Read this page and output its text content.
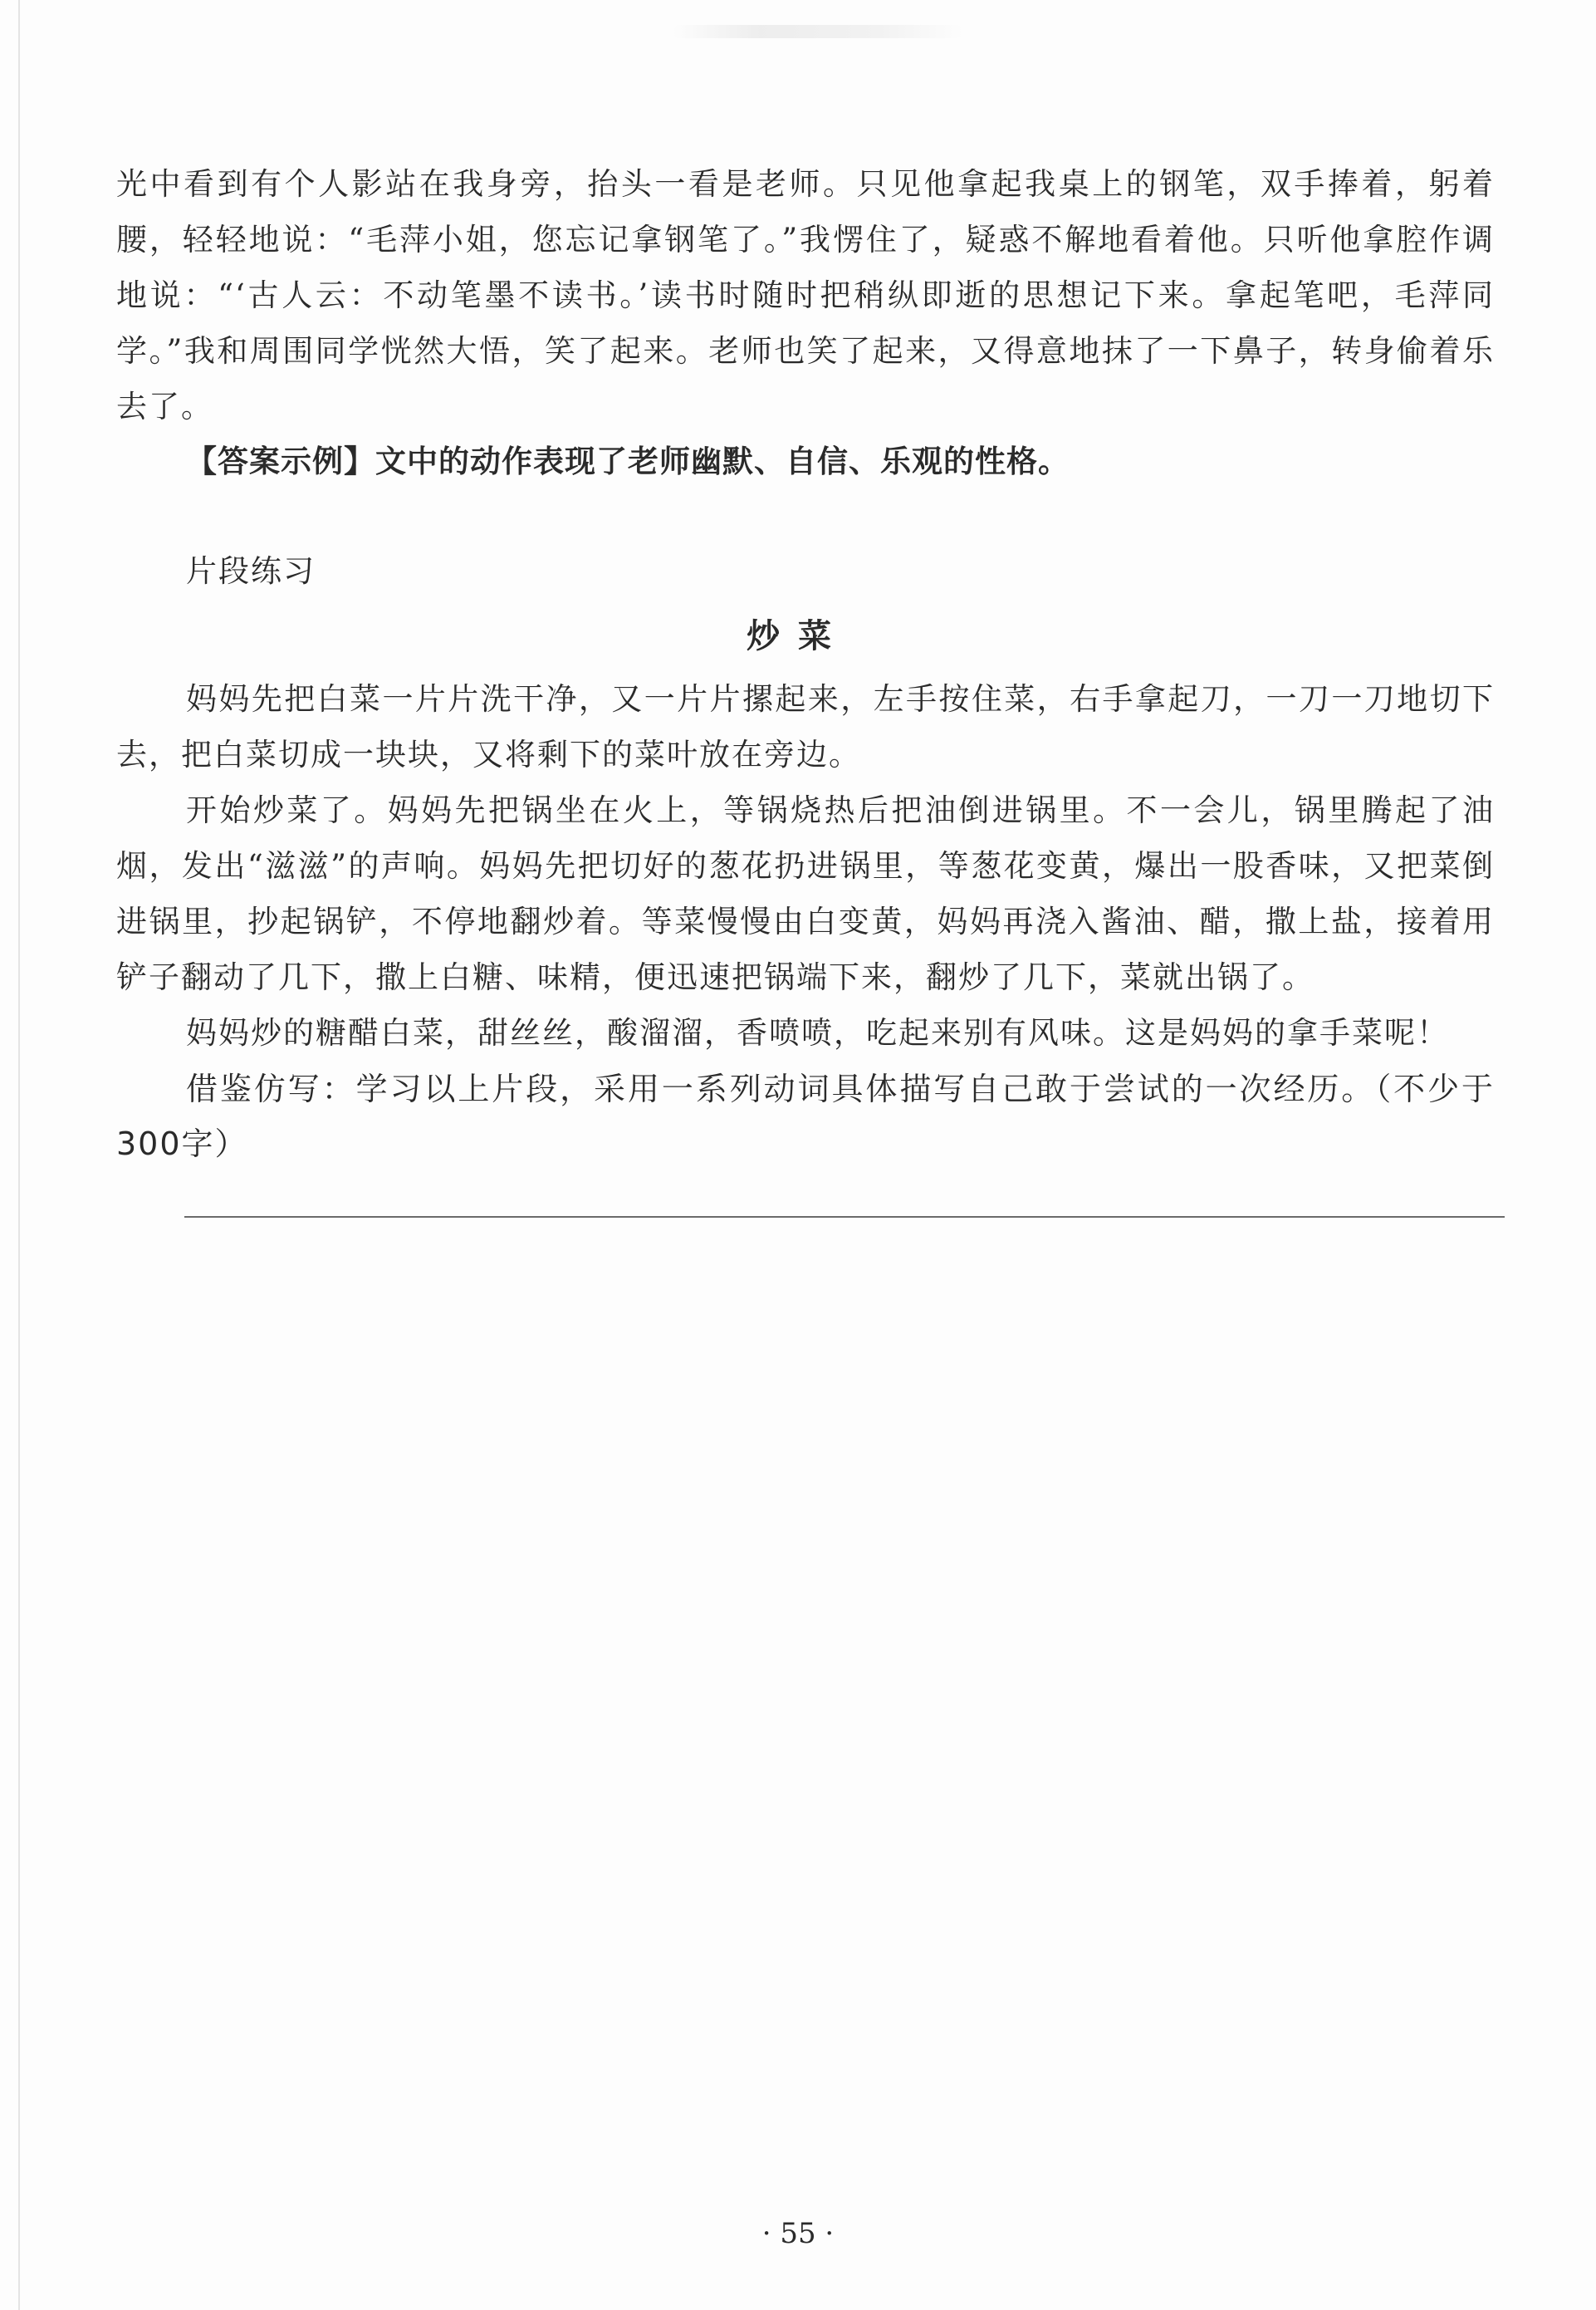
光中看到有个人影站在我身旁，抬头一看是老师。只见他拿起我桌上的钢笔，双手捧着，躬着腰，轻轻地说：“毛萍小姐，您忘记拿钢笔了。”我愣住了，疑惑不解地看着他。只听他拿腔作调地说：“‘古人云：不动笔墨不读书。’读书时随时把稍纵即逝的思想记下来。拿起笔吧，毛萍同学。”我和周围同学恍然大悟，笑了起来。老师也笑了起来，又得意地抹了一下鼻子，转身偷着乐去了。

【答案示例】文中的动作表现了老师幽默、自信、乐观的性格。

片段练习

炒菜

妈妈先把白菜一片片洗干净，又一片片摞起来，左手按住菜，右手拿起刀，一刀一刀地切下去，把白菜切成一块块，又将剩下的菜叶放在旁边。

开始炒菜了。妈妈先把锅坐在火上，等锅烧热后把油倒进锅里。不一会儿，锅里腾起了油烟，发出“滋滋”的声响。妈妈先把切好的葱花扔进锅里，等葱花变黄，爆出一股香味，又把菜倒进锅里，抄起锅铲，不停地翻炒着。等菜慢慢由白变黄，妈妈再浇入酱油、醋，撒上盐，接着用铲子翻动了几下，撒上白糖、味精，便迅速把锅端下来，翻炒了几下，菜就出锅了。

妈妈炒的糖醋白菜，甜丝丝，酸溜溜，香喷喷，吃起来别有风味。这是妈妈的拿手菜呢！

借鉴仿写：学习以上片段，采用一系列动词具体描写自己敢于尝试的一次经历。（不少于300字）

· 55 ·
